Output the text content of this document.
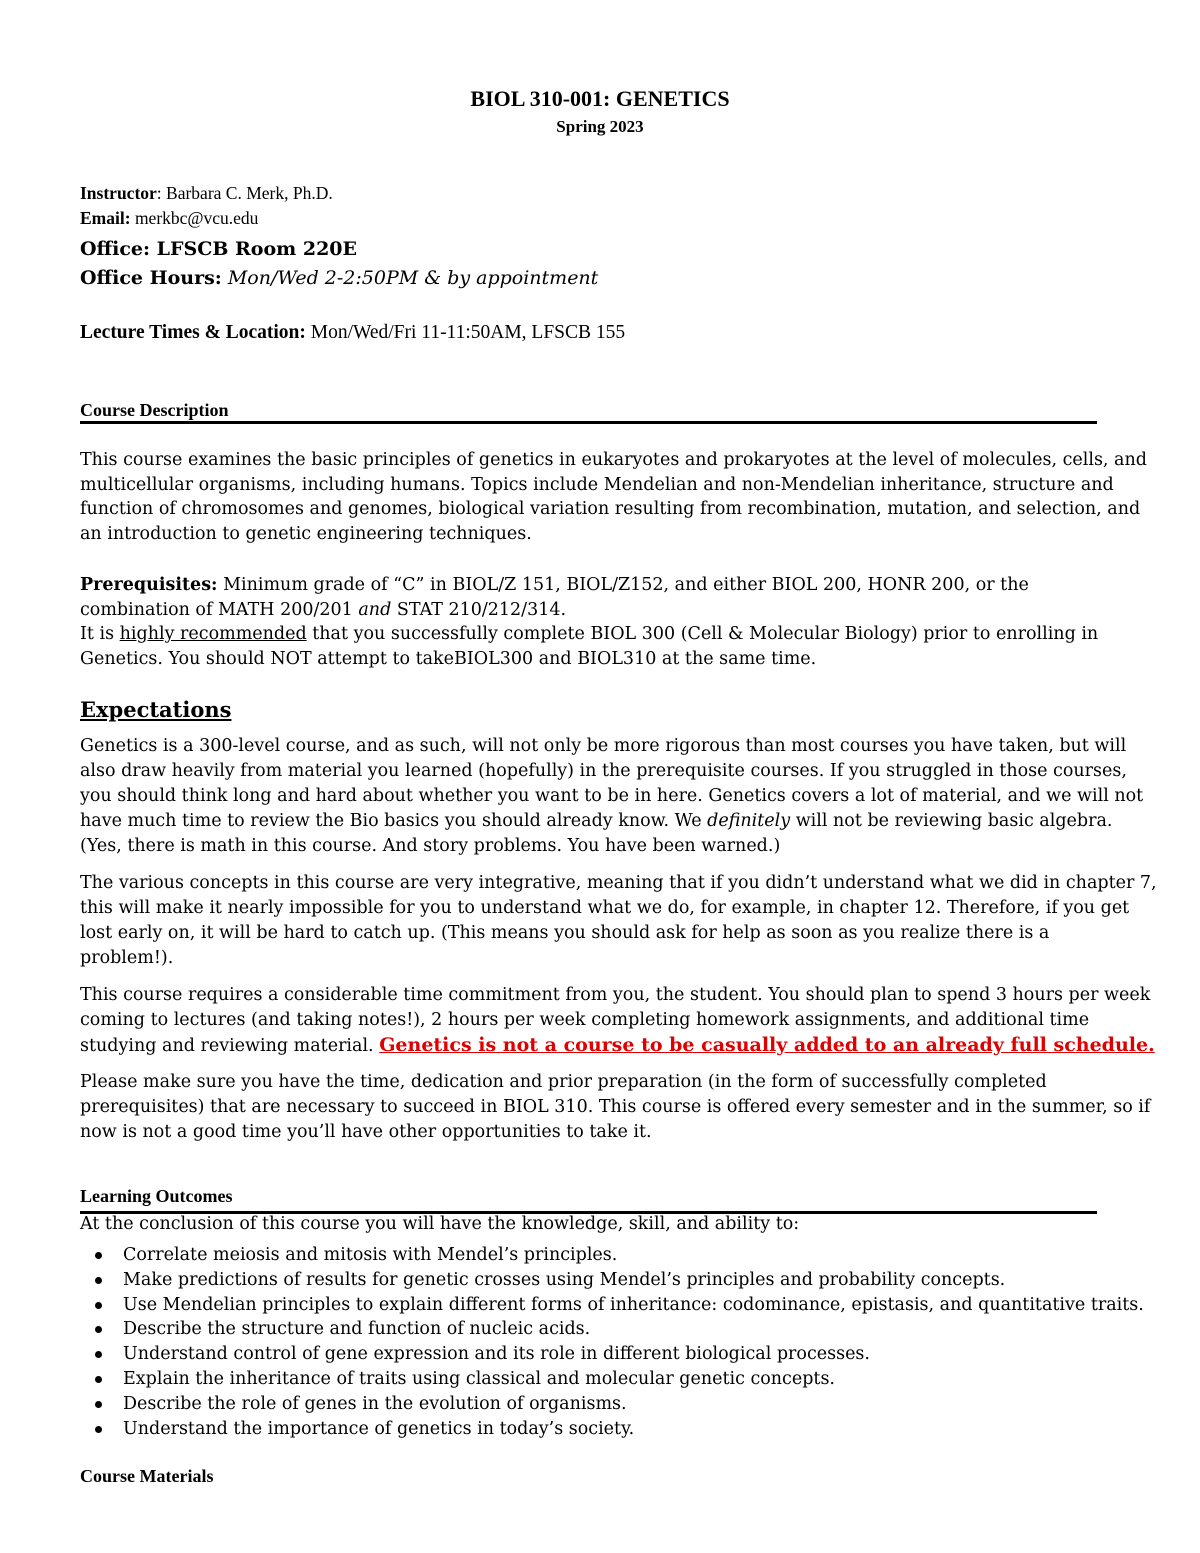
BIOL 310-001: GENETICS
Spring 2023
Instructor: Barbara C. Merk, Ph.D.
Email: merkbc@vcu.edu
Office: LFSCB Room 220E
Office Hours: Mon/Wed 2-2:50PM & by appointment
Lecture Times & Location: Mon/Wed/Fri 11-11:50AM, LFSCB 155
Course Description
This course examines the basic principles of genetics in eukaryotes and prokaryotes at the level of molecules, cells, and
multicellular organisms, including humans. Topics include Mendelian and non-Mendelian inheritance, structure and
function of chromosomes and genomes, biological variation resulting from recombination, mutation, and selection, and
an introduction to genetic engineering techniques.
Prerequisites: Minimum grade of “C” in BIOL/Z 151, BIOL/Z152, and either BIOL 200, HONR 200, or the
combination of MATH 200/201 and STAT 210/212/314.
It is highly recommended that you successfully complete BIOL 300 (Cell & Molecular Biology) prior to enrolling in
Genetics. You should NOT attempt to takeBIOL300 and BIOL310 at the same time.
Expectations
Genetics is a 300-level course, and as such, will not only be more rigorous than most courses you have taken, but will
also draw heavily from material you learned (hopefully) in the prerequisite courses. If you struggled in those courses,
you should think long and hard about whether you want to be in here. Genetics covers a lot of material, and we will not
have much time to review the Bio basics you should already know. We definitely will not be reviewing basic algebra.
(Yes, there is math in this course. And story problems. You have been warned.)
The various concepts in this course are very integrative, meaning that if you didn’t understand what we did in chapter 7,
this will make it nearly impossible for you to understand what we do, for example, in chapter 12. Therefore, if you get
lost early on, it will be hard to catch up. (This means you should ask for help as soon as you realize there is a
problem!).
This course requires a considerable time commitment from you, the student. You should plan to spend 3 hours per week
coming to lectures (and taking notes!), 2 hours per week completing homework assignments, and additional time
studying and reviewing material. Genetics is not a course to be casually added to an already full schedule.
Please make sure you have the time, dedication and prior preparation (in the form of successfully completed
prerequisites) that are necessary to succeed in BIOL 310. This course is offered every semester and in the summer, so if
now is not a good time you’ll have other opportunities to take it.
Learning Outcomes
At the conclusion of this course you will have the knowledge, skill, and ability to:
Correlate meiosis and mitosis with Mendel’s principles.
Make predictions of results for genetic crosses using Mendel’s principles and probability concepts.
Use Mendelian principles to explain different forms of inheritance: codominance, epistasis, and quantitative traits.
Describe the structure and function of nucleic acids.
Understand control of gene expression and its role in different biological processes.
Explain the inheritance of traits using classical and molecular genetic concepts.
Describe the role of genes in the evolution of organisms.
Understand the importance of genetics in today’s society.
Course Materials
